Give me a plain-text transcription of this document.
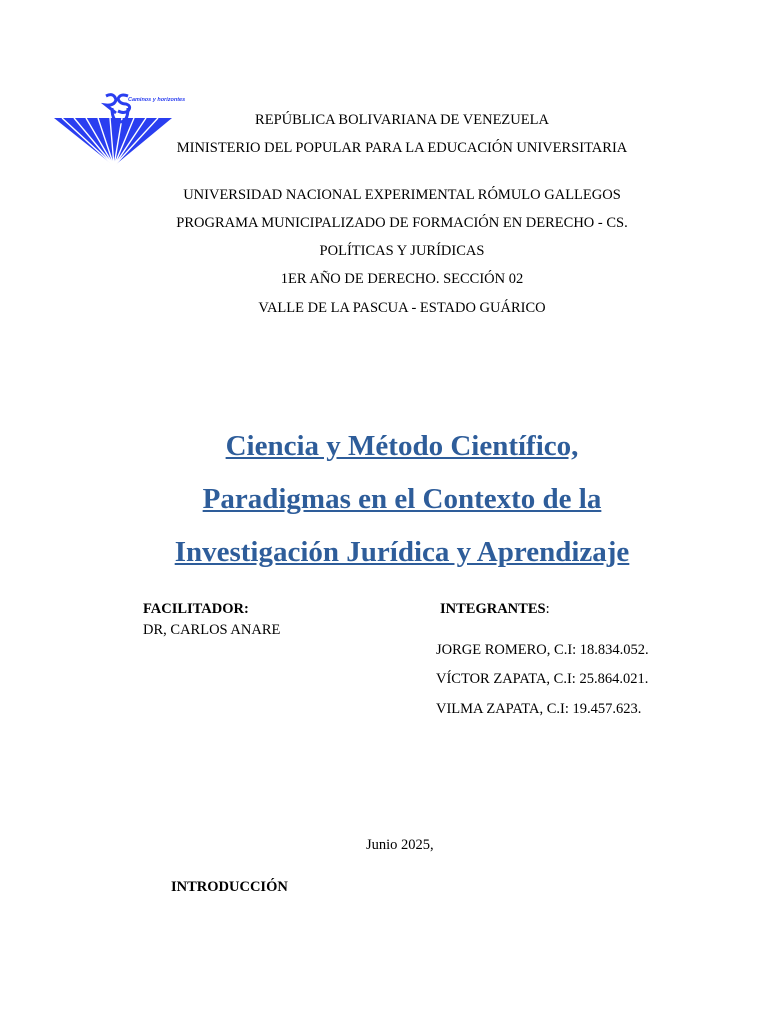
Caminos y horizontes
REPÚBLICA BOLIVARIANA DE VENEZUELA
MINISTERIO DEL POPULAR PARA LA EDUCACIÓN UNIVERSITARIA
UNIVERSIDAD NACIONAL EXPERIMENTAL RÓMULO GALLEGOS
PROGRAMA MUNICIPALIZADO DE FORMACIÓN EN DERECHO - CS.
POLÍTICAS Y JURÍDICAS
1ER AÑO DE DERECHO. SECCIÓN 02
VALLE DE LA PASCUA - ESTADO GUÁRICO
Ciencia y Método Científico,
Paradigmas en el Contexto de la
Investigación Jurídica y Aprendizaje
FACILITADOR:
DR, CARLOS ANARE
INTEGRANTES:
JORGE ROMERO, C.I: 18.834.052.
VÍCTOR ZAPATA, C.I: 25.864.021.
VILMA ZAPATA, C.I: 19.457.623.
Junio 2025,
INTRODUCCIÓN
